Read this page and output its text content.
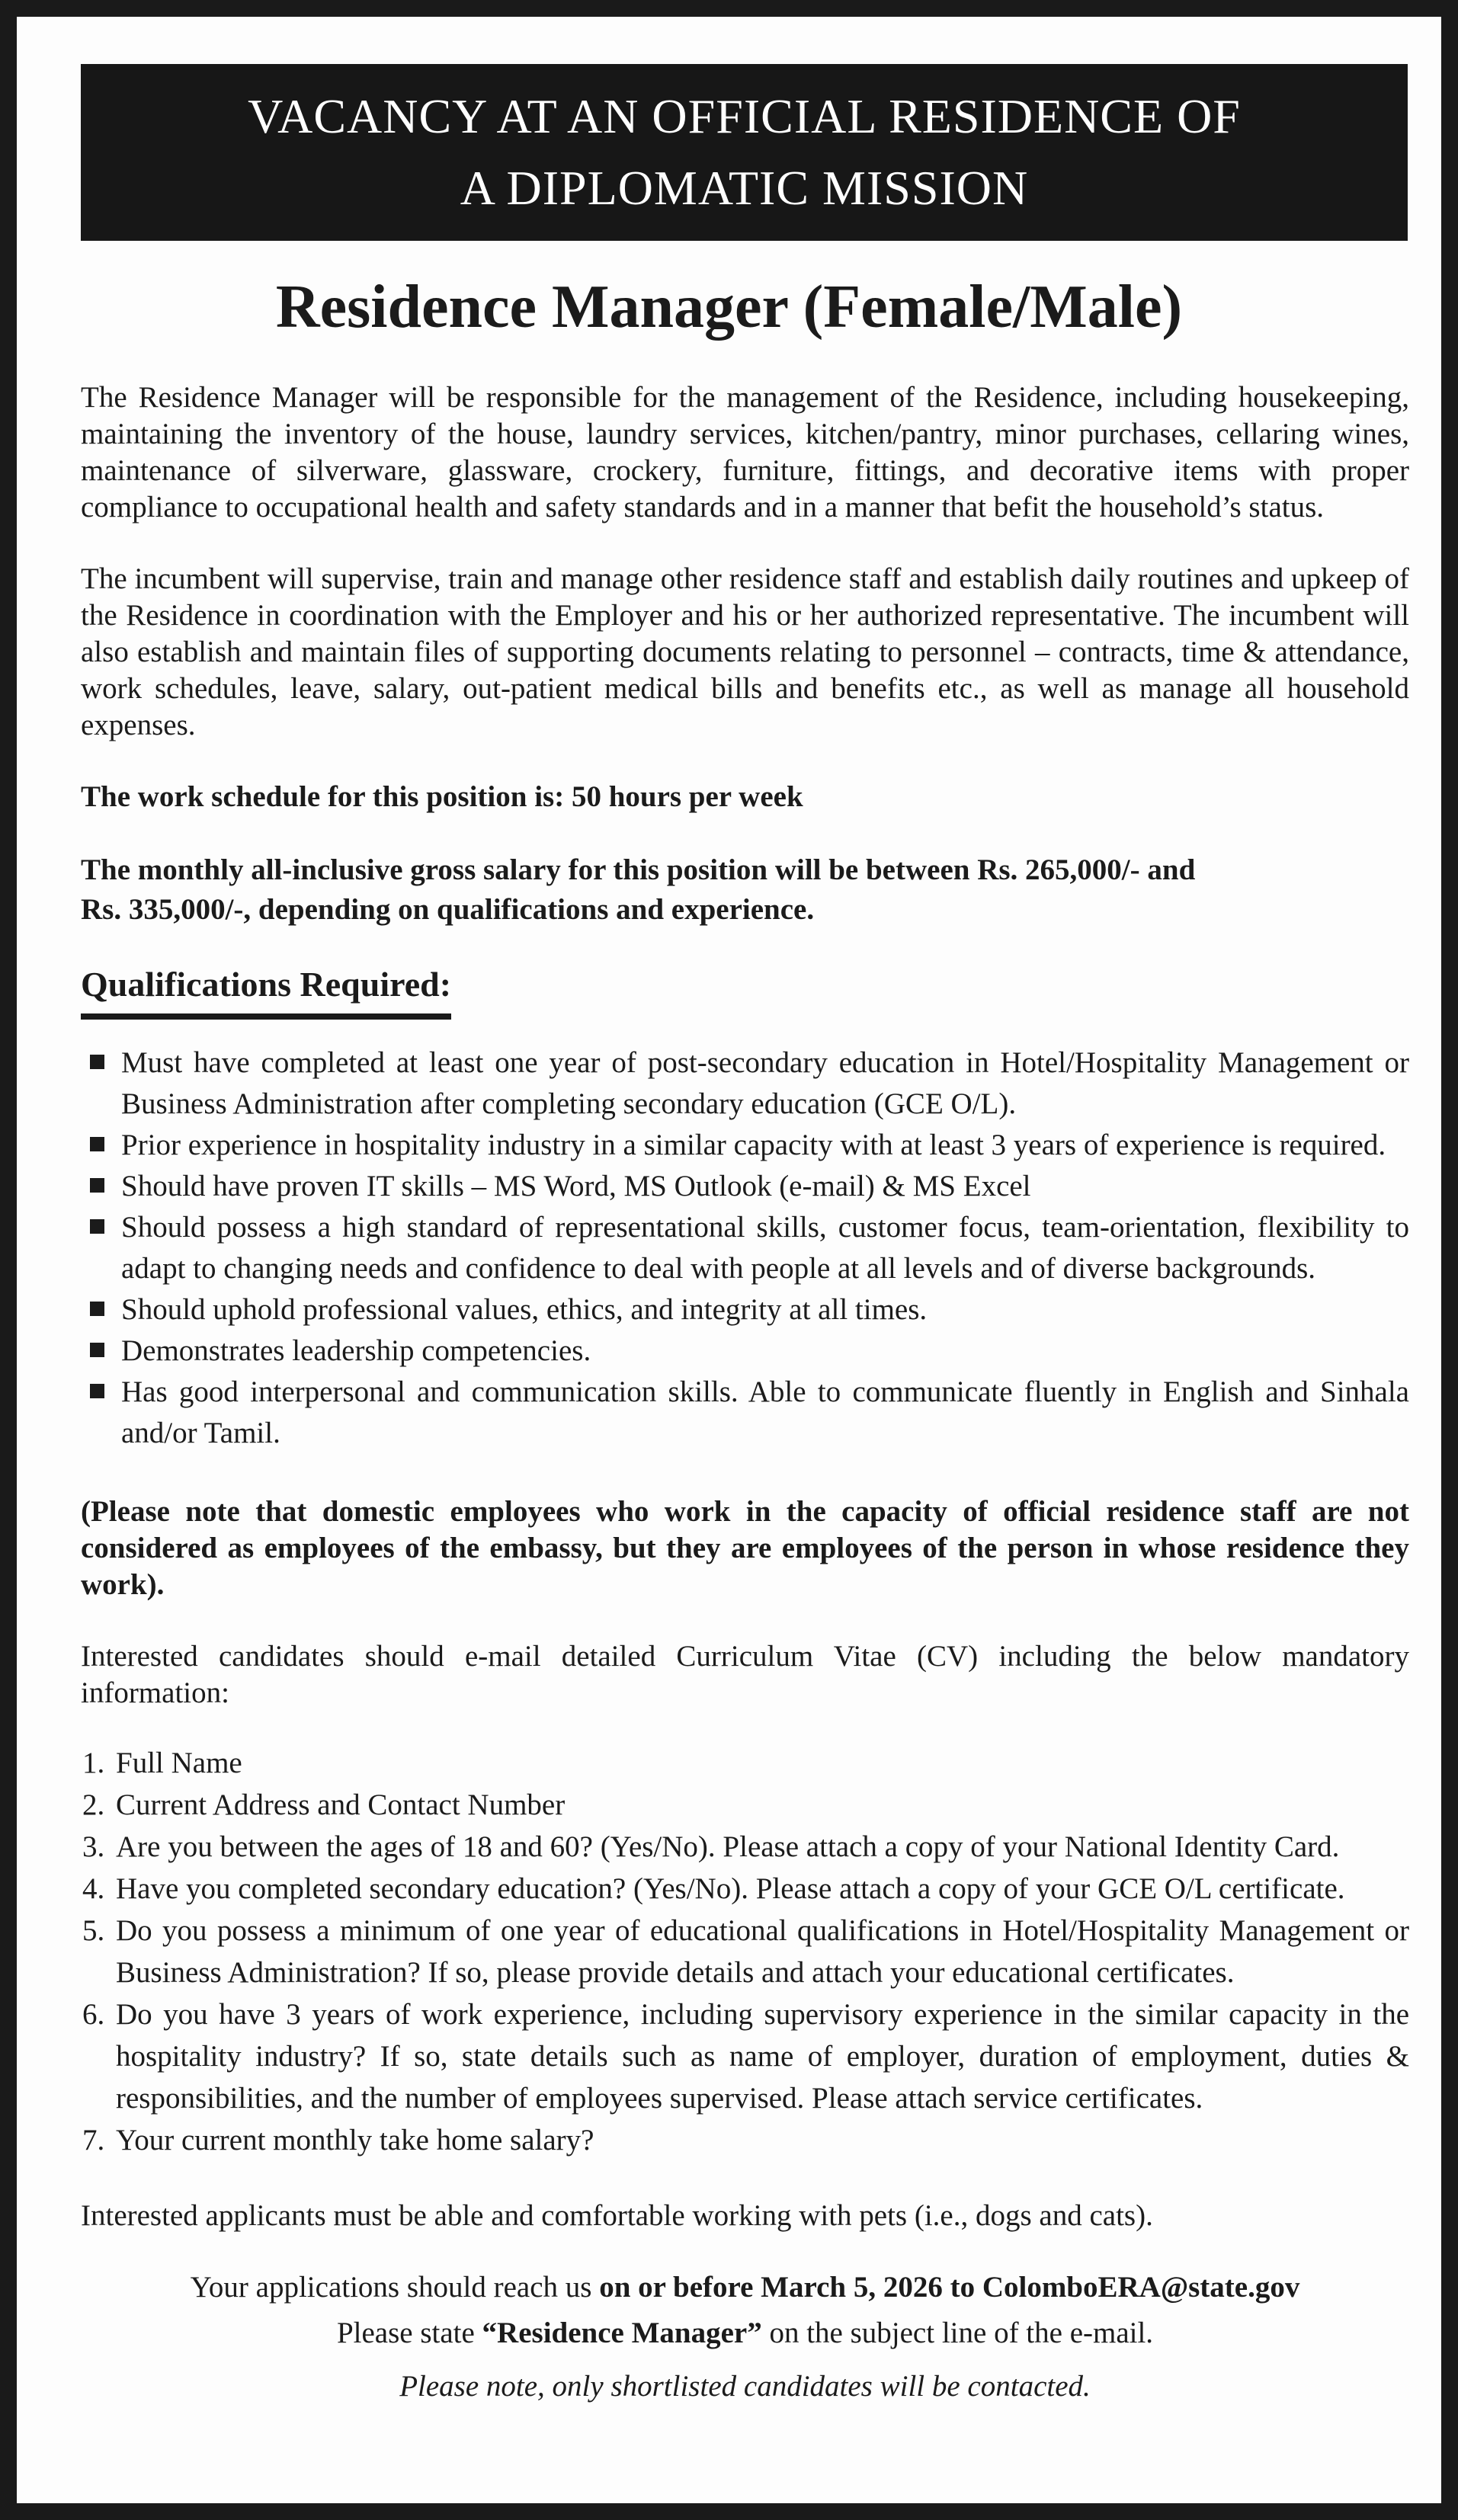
VACANCY AT AN OFFICIAL RESIDENCE OF
A DIPLOMATIC MISSION
Residence Manager (Female/Male)

The Residence Manager will be responsible for the management of the Residence, including housekeeping, maintaining the inventory of the house, laundry services, kitchen/pantry, minor purchases, cellaring wines, maintenance of silverware, glassware, crockery, furniture, fittings, and decorative items with proper compliance to occupational health and safety standards and in a manner that befit the household’s status.

The incumbent will supervise, train and manage other residence staff and establish daily routines and upkeep of the Residence in coordination with the Employer and his or her authorized representative. The incumbent will also establish and maintain files of supporting documents relating to personnel – contracts, time & attendance, work schedules, leave, salary, out-patient medical bills and benefits etc., as well as manage all household expenses.

The work schedule for this position is: 50 hours per week

The monthly all-inclusive gross salary for this position will be between Rs. 265,000/- and
Rs. 335,000/-, depending on qualifications and experience.

Qualifications Required:
Must have completed at least one year of post-secondary education in Hotel/Hospitality Management or Business Administration after completing secondary education (GCE O/L).
Prior experience in hospitality industry in a similar capacity with at least 3 years of experience is required.
Should have proven IT skills – MS Word, MS Outlook (e-mail) & MS Excel
Should possess a high standard of representational skills, customer focus, team-orientation, flexibility to adapt to changing needs and confidence to deal with people at all levels and of diverse backgrounds.
Should uphold professional values, ethics, and integrity at all times.
Demonstrates leadership competencies.
Has good interpersonal and communication skills. Able to communicate fluently in English and Sinhala and/or Tamil.

(Please note that domestic employees who work in the capacity of official residence staff are not considered as employees of the embassy, but they are employees of the person in whose residence they work).

Interested candidates should e-mail detailed Curriculum Vitae (CV) including the below mandatory information:

1. Full Name
2. Current Address and Contact Number
3. Are you between the ages of 18 and 60? (Yes/No). Please attach a copy of your National Identity Card.
4. Have you completed secondary education? (Yes/No). Please attach a copy of your GCE O/L certificate.
5. Do you possess a minimum of one year of educational qualifications in Hotel/Hospitality Management or Business Administration? If so, please provide details and attach your educational certificates.
6. Do you have 3 years of work experience, including supervisory experience in the similar capacity in the hospitality industry? If so, state details such as name of employer, duration of employment, duties & responsibilities, and the number of employees supervised. Please attach service certificates.
7. Your current monthly take home salary?

Interested applicants must be able and comfortable working with pets (i.e., dogs and cats).

Your applications should reach us on or before March 5, 2026 to ColomboERA@state.gov

Please state “Residence Manager” on the subject line of the e-mail.

Please note, only shortlisted candidates will be contacted.
